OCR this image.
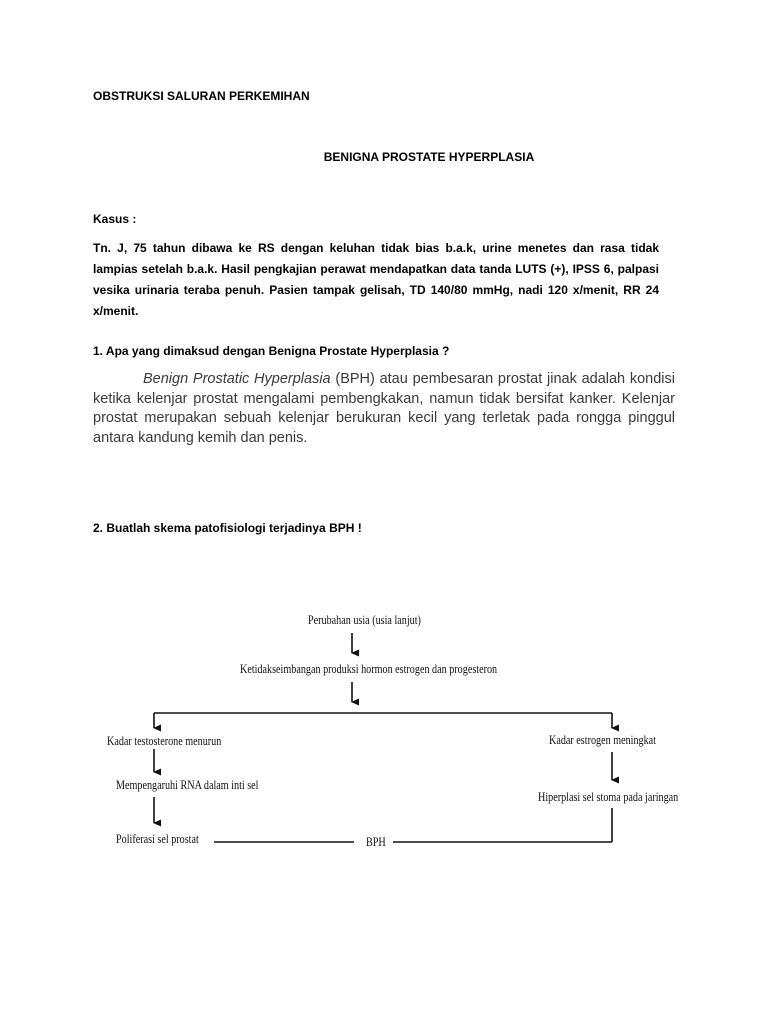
OBSTRUKSI SALURAN PERKEMIHAN
BENIGNA PROSTATE HYPERPLASIA
Kasus :
Tn. J, 75 tahun dibawa ke RS dengan keluhan tidak bias b.a.k, urine menetes dan rasa tidak lampias setelah b.a.k. Hasil pengkajian perawat mendapatkan data tanda LUTS (+), IPSS 6, palpasi vesika urinaria teraba penuh. Pasien tampak gelisah, TD 140/80 mmHg, nadi 120 x/menit, RR 24 x/menit.
1. Apa yang dimaksud dengan Benigna Prostate Hyperplasia ?
Benign Prostatic Hyperplasia (BPH) atau pembesaran prostat jinak adalah kondisi ketika kelenjar prostat mengalami pembengkakan, namun tidak bersifat kanker. Kelenjar prostat merupakan sebuah kelenjar berukuran kecil yang terletak pada rongga pinggul antara kandung kemih dan penis.
2. Buatlah skema patofisiologi terjadinya BPH !
Perubahan usia (usia lanjut)
Ketidakseimbangan produksi hormon estrogen dan progesteron
Kadar testosterone menurun	Kadar estrogen meningkat
Mempengaruhi RNA dalam inti sel
Hiperplasi sel stoma pada jaringan
Poliferasi sel prostat	BPH
